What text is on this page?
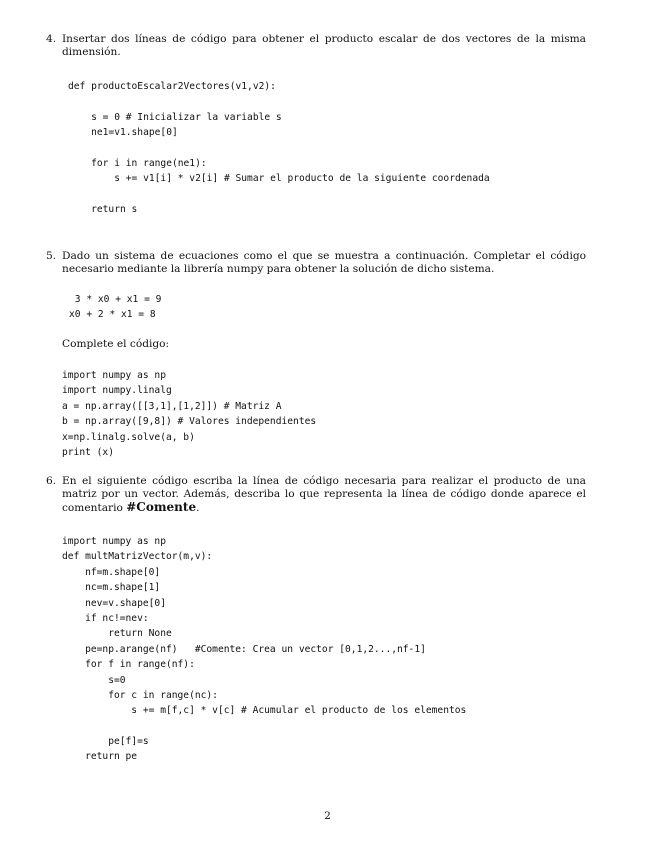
4. Insertar dos líneas de código para obtener el producto escalar de dos vectores de la misma dimensión.
def productoEscalar2Vectores(v1,v2):
s = 0 # Inicializar la variable s
ne1=v1.shape[0]
for i in range(ne1):
s += v1[i] * v2[i] # Sumar el producto de la siguiente coordenada
return s
5. Dado un sistema de ecuaciones como el que se muestra a continuación. Completar el código necesario mediante la librería numpy para obtener la solución de dicho sistema.
3 * x0 + x1 = 9
x0 + 2 * x1 = 8
Complete el código:
import numpy as np
import numpy.linalg
a = np.array([[3,1],[1,2]]) # Matriz A
b = np.array([9,8]) # Valores independientes
x=np.linalg.solve(a, b)
print (x)
6. En el siguiente código escriba la línea de código necesaria para realizar el producto de una matriz por un vector. Además, describa lo que representa la línea de código donde aparece el comentario #Comente.
import numpy as np
def multMatrizVector(m,v):
nf=m.shape[0]
nc=m.shape[1]
nev=v.shape[0]
if nc!=nev:
return None
pe=np.arange(nf)   #Comente: Crea un vector [0,1,2...,nf-1]
for f in range(nf):
s=0
for c in range(nc):
s += m[f,c] * v[c] # Acumular el producto de los elementos
pe[f]=s
return pe
2
